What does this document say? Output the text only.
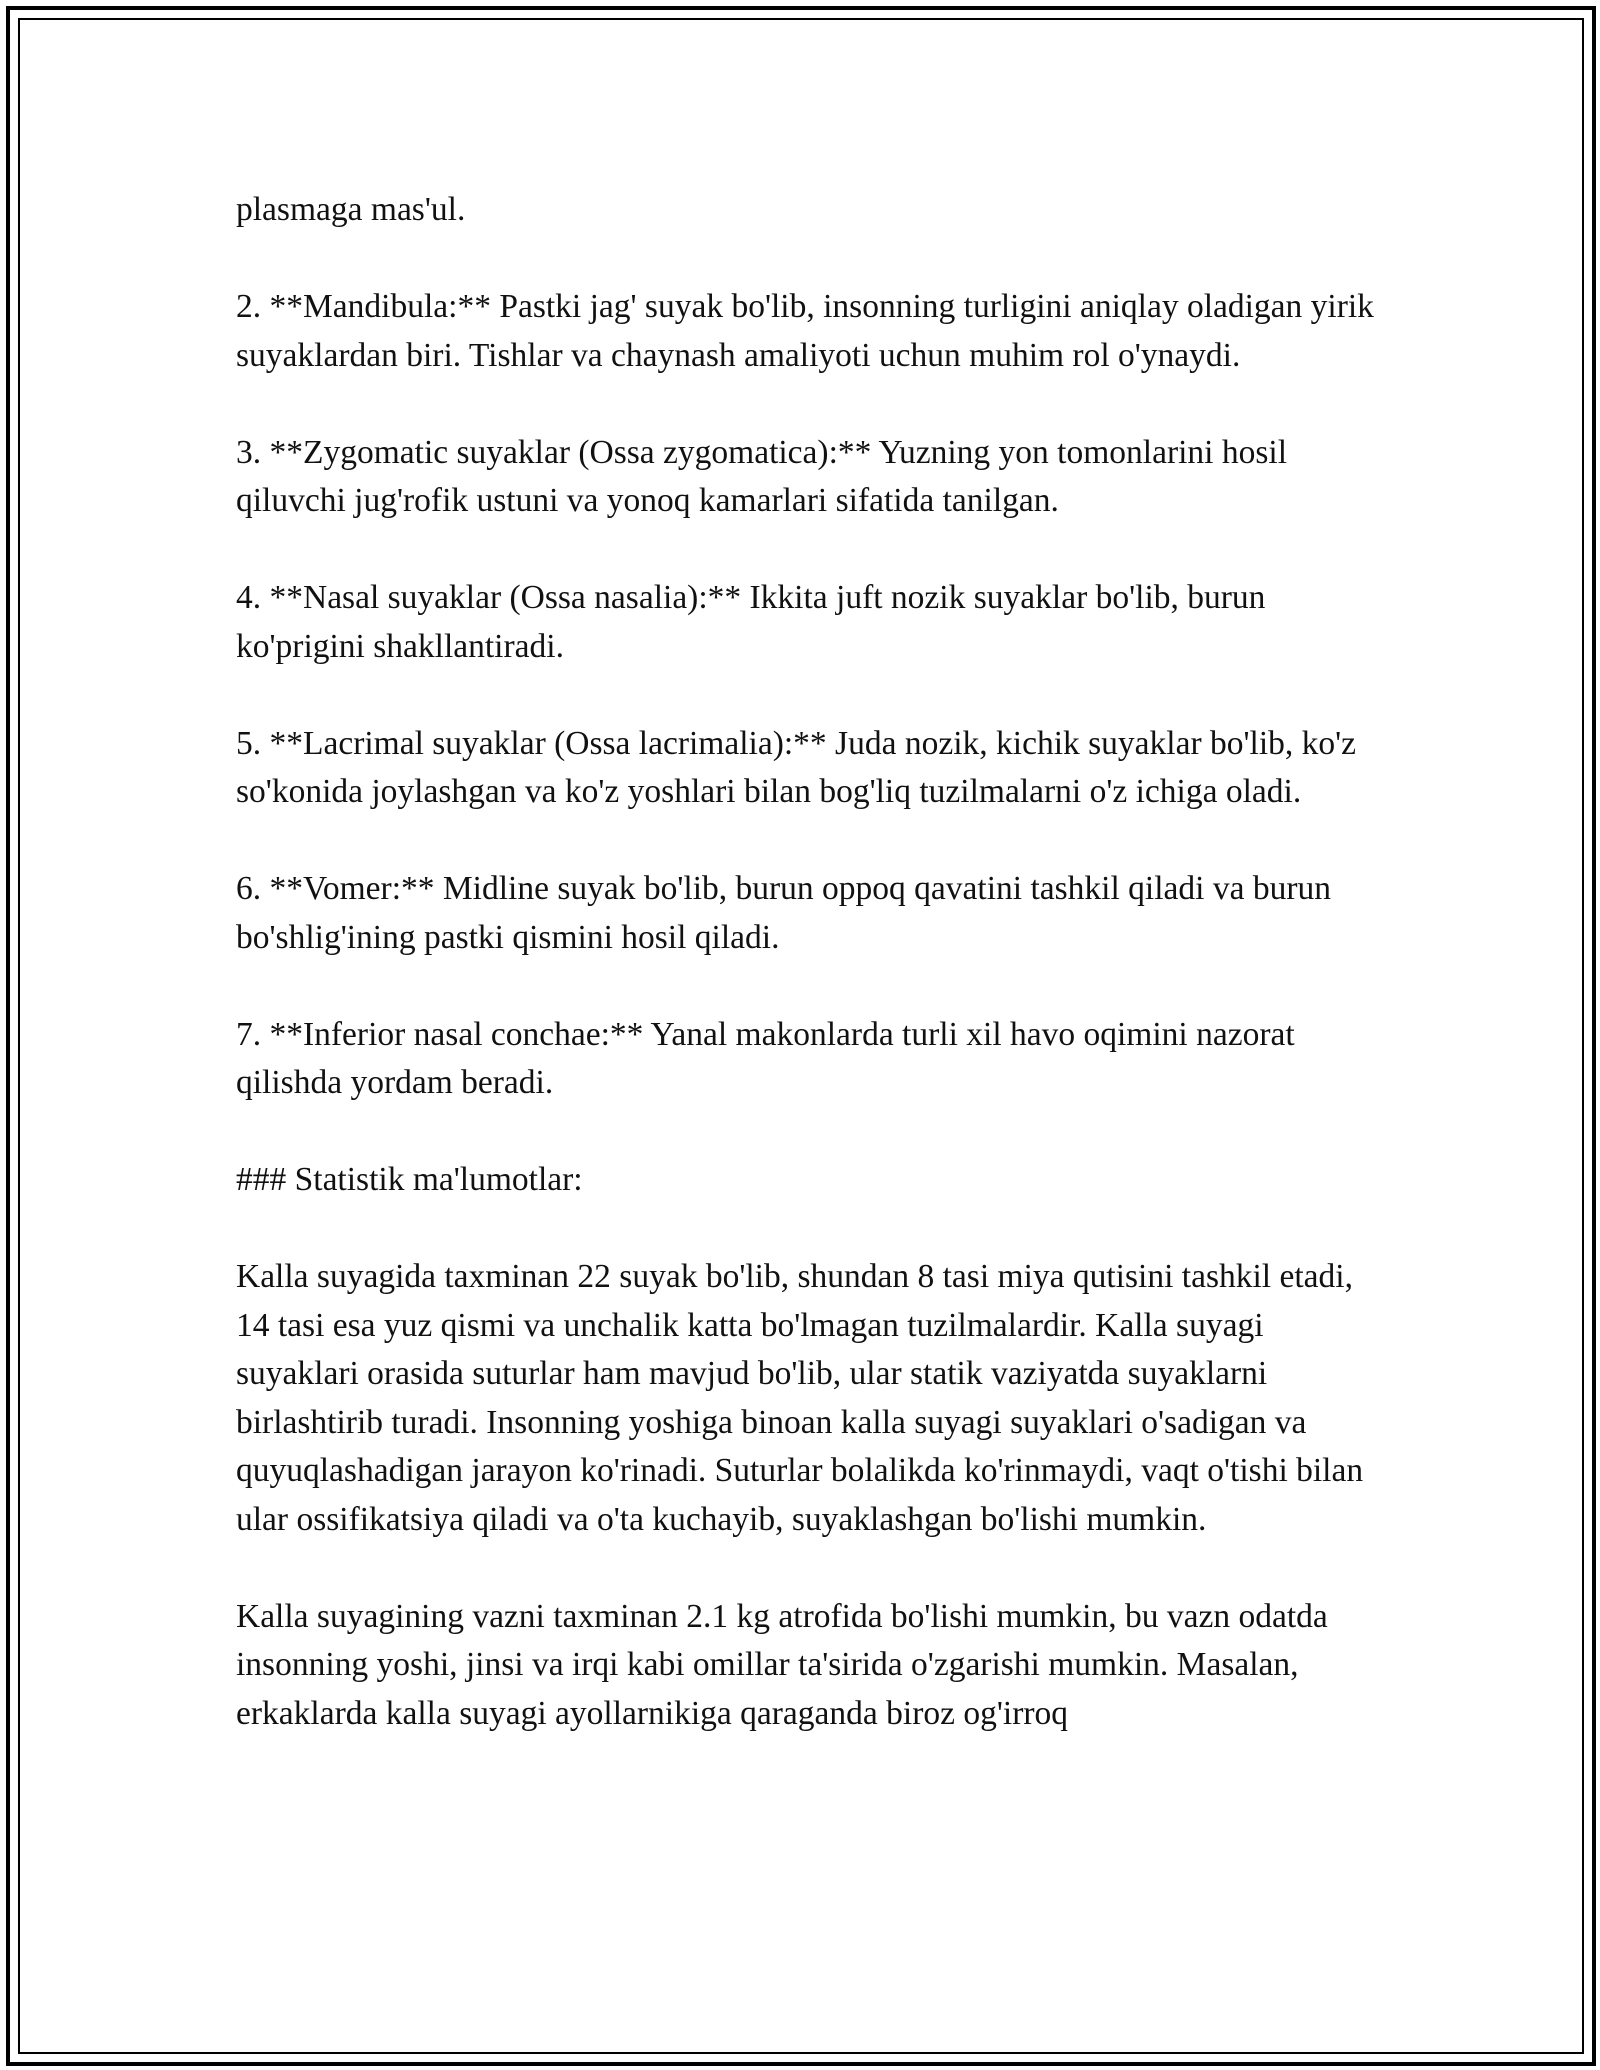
plasmaga mas'ul.

2. **Mandibula:** Pastki jag' suyak bo'lib, insonning turligini aniqlay oladigan yirik suyaklardan biri. Tishlar va chaynash amaliyoti uchun muhim rol o'ynaydi.

3. **Zygomatic suyaklar (Ossa zygomatica):** Yuzning yon tomonlarini hosil qiluvchi jug'rofik ustuni va yonoq kamarlari sifatida tanilgan.

4. **Nasal suyaklar (Ossa nasalia):** Ikkita juft nozik suyaklar bo'lib, burun ko'prigini shakllantiradi.

5. **Lacrimal suyaklar (Ossa lacrimalia):** Juda nozik, kichik suyaklar bo'lib, ko'z so'konida joylashgan va ko'z yoshlari bilan bog'liq tuzilmalarni o'z ichiga oladi.

6. **Vomer:** Midline suyak bo'lib, burun oppoq qavatini tashkil qiladi va burun bo'shlig'ining pastki qismini hosil qiladi.

7. **Inferior nasal conchae:** Yanal makonlarda turli xil havo oqimini nazorat qilishda yordam beradi.

### Statistik ma'lumotlar:

Kalla suyagida taxminan 22 suyak bo'lib, shundan 8 tasi miya qutisini tashkil etadi, 14 tasi esa yuz qismi va unchalik katta bo'lmagan tuzilmalardir. Kalla suyagi suyaklari orasida suturlar ham mavjud bo'lib, ular statik vaziyatda suyaklarni birlashtirib turadi. Insonning yoshiga binoan kalla suyagi suyaklari o'sadigan va quyuqlashadigan jarayon ko'rinadi. Suturlar bolalikda ko'rinmaydi, vaqt o'tishi bilan ular ossifikatsiya qiladi va o'ta kuchayib, suyaklashgan bo'lishi mumkin.

Kalla suyagining vazni taxminan 2.1 kg atrofida bo'lishi mumkin, bu vazn odatda insonning yoshi, jinsi va irqi kabi omillar ta'sirida o'zgarishi mumkin. Masalan, erkaklarda kalla suyagi ayollarnikiga qaraganda biroz og'irroq
